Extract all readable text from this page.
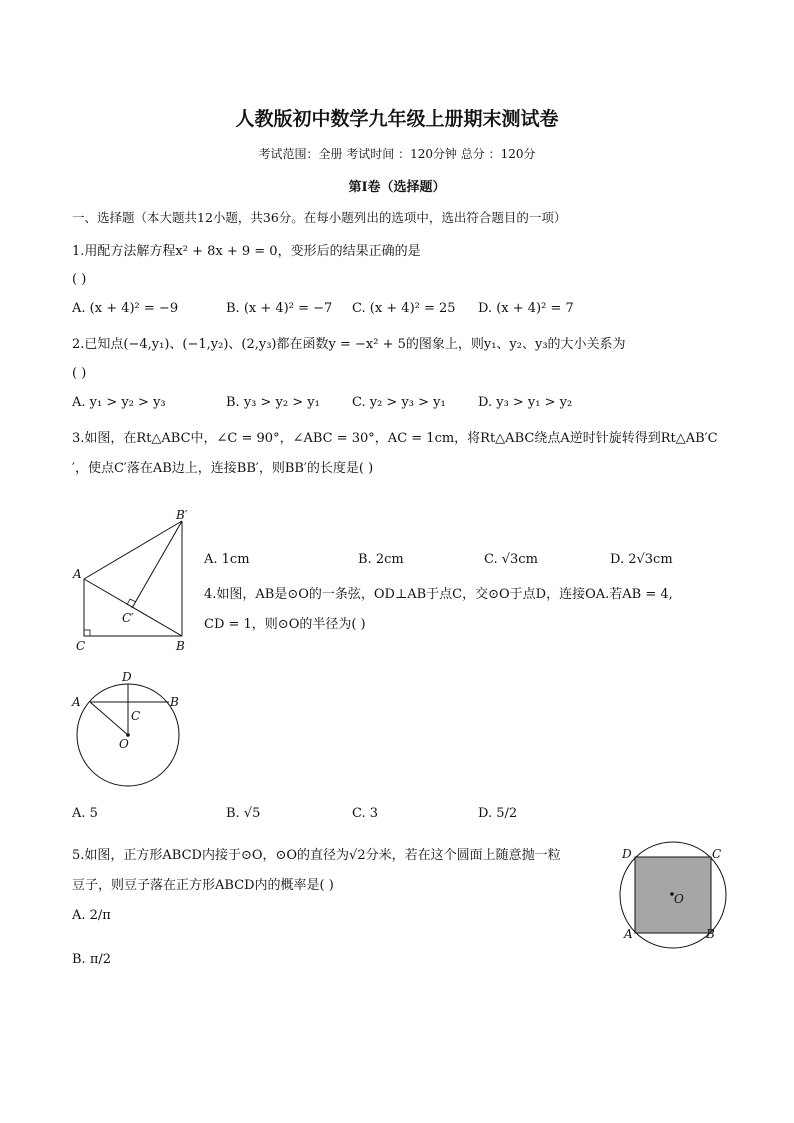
人教版初中数学九年级上册期末测试卷
考试范围：全册 考试时间 ：120分钟 总分 ：120分
第I卷（选择题）
一、选择题（本大题共12小题，共36分。在每小题列出的选项中，选出符合题目的一项）
1.用配方法解方程x² + 8x + 9 = 0，变形后的结果正确的是
( )
A. (x + 4)² = −9	B. (x + 4)² = −7 C. (x + 4)² = 25 D. (x + 4)² = 7
2.已知点(−4,y₁)、(−1,y₂)、(2,y₃)都在函数y = −x² + 5的图象上，则y₁、y₂、y₃的大小关系为
( )
A. y₁ > y₂ > y₃	B. y₃ > y₂ > y₁ C. y₂ > y₃ > y₁ D. y₃ > y₁ > y₂
3.如图，在Rt△ABC中，∠C = 90°，∠ABC = 30°，AC = 1cm，将Rt△ABC绕点A逆时针旋转得到Rt△AB′C
′，使点C′落在AB边上，连接BB′，则BB′的长度是( )
B′
A
C′
C	B
A. 1cm	B. 2cm	C. √3cm	D. 2√3cm
4.如图，AB是⊙O的一条弦，OD⊥AB于点C，交⊙O于点D，连接OA.若AB = 4,
CD = 1，则⊙O的半径为( )
D
A	B
C
O
A. 5	B. √5	C. 3	D. 5/2
5.如图，正方形ABCD内接于⊙O，⊙O的直径为√2分米，若在这个圆面上随意抛一粒
豆子，则豆子落在正方形ABCD内的概率是( )
A. 2/π
B. π/2
D	C
O
A	B
